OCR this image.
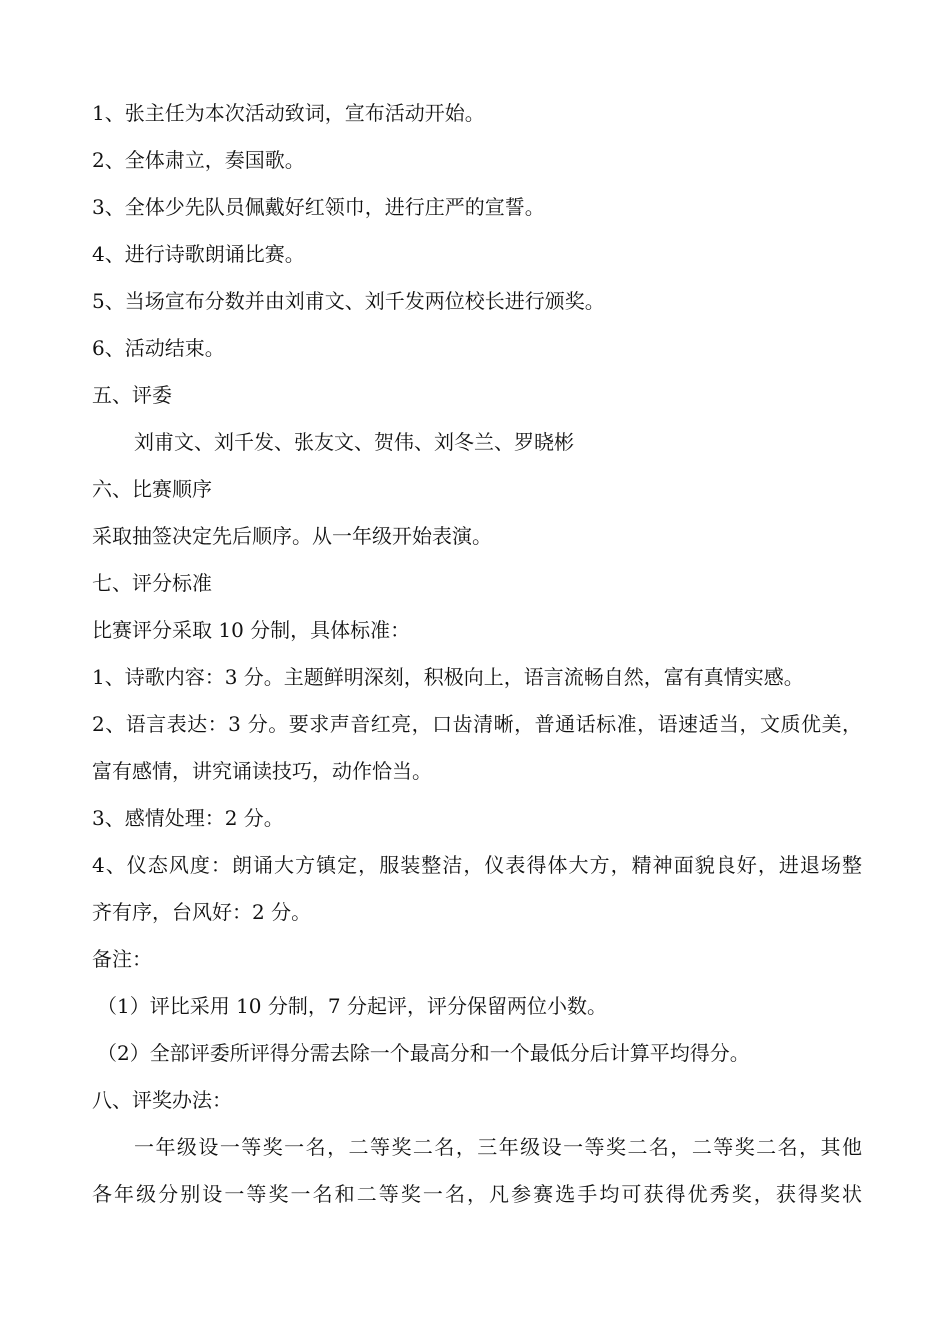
1、张主任为本次活动致词，宣布活动开始。
2、全体肃立，奏国歌。
3、全体少先队员佩戴好红领巾，进行庄严的宣誓。
4、进行诗歌朗诵比赛。
5、当场宣布分数并由刘甫文、刘千发两位校长进行颁奖。
6、活动结束。
五、评委
刘甫文、刘千发、张友文、贺伟、刘冬兰、罗晓彬
六、比赛顺序
采取抽签决定先后顺序。从一年级开始表演。
七、评分标准
比赛评分采取 10 分制，具体标准：
1、诗歌内容：3 分。主题鲜明深刻，积极向上，语言流畅自然，富有真情实感。
2、语言表达：3 分。要求声音红亮，口齿清晰，普通话标准，语速适当，文质优美，
富有感情，讲究诵读技巧，动作恰当。
3、感情处理：2 分。
4、仪态风度：朗诵大方镇定，服装整洁，仪表得体大方，精神面貌良好，进退场整
齐有序，台风好：2 分。
备注：
（1）评比采用 10 分制，7 分起评，评分保留两位小数。
（2）全部评委所评得分需去除一个最高分和一个最低分后计算平均得分。
八、评奖办法：
一年级设一等奖一名，二等奖二名，三年级设一等奖二名，二等奖二名，其他
各年级分别设一等奖一名和二等奖一名，凡参赛选手均可获得优秀奖，获得奖状
